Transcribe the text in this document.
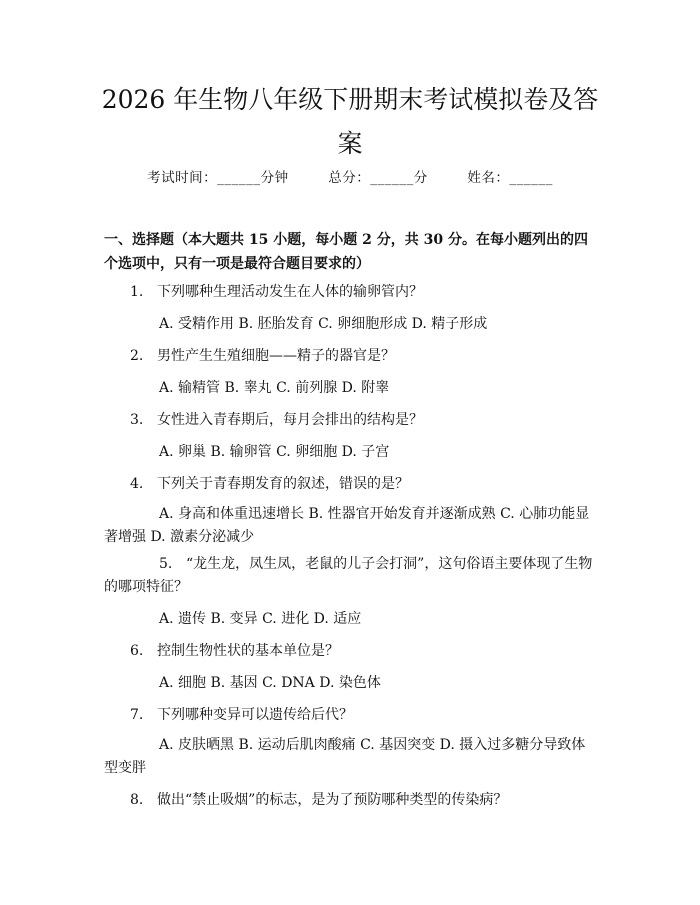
2026 年生物八年级下册期末考试模拟卷及答案
考试时间：______分钟	总分：______分	姓名：______

一、选择题（本大题共 15 小题，每小题 2 分，共 30 分。在每小题列出的四个选项中，只有一项是最符合题目要求的）

1. 下列哪种生理活动发生在人体的输卵管内？
A. 受精作用 B. 胚胎发育 C. 卵细胞形成 D. 精子形成
2. 男性产生生殖细胞——精子的器官是？
A. 输精管 B. 睾丸 C. 前列腺 D. 附睾
3. 女性进入青春期后，每月会排出的结构是？
A. 卵巢 B. 输卵管 C. 卵细胞 D. 子宫
4. 下列关于青春期发育的叙述，错误的是？

A. 身高和体重迅速增长 B. 性器官开始发育并逐渐成熟 C. 心肺功能显著增强 D. 激素分泌减少

5. “龙生龙，凤生凤，老鼠的儿子会打洞”，这句俗语主要体现了生物的哪项特征？

A. 遗传 B. 变异 C. 进化 D. 适应
6. 控制生物性状的基本单位是？
A. 细胞 B. 基因 C. DNA D. 染色体
7. 下列哪种变异可以遗传给后代？

A. 皮肤晒黑 B. 运动后肌肉酸痛 C. 基因突变 D. 摄入过多糖分导致体型变胖

8. 做出“禁止吸烟”的标志，是为了预防哪种类型的传染病？
